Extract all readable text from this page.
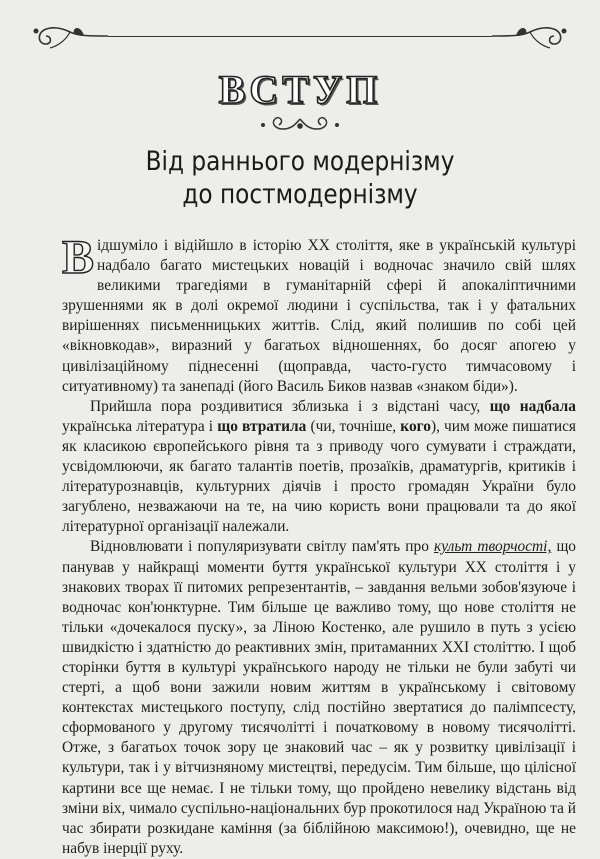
ВСТУП
Від раннього модернізму
до постмодернізму

Відшуміло і відійшло в історію XX століття, яке в українській культурі надбало багато мистецьких новацій і водночас значило свій шлях великими трагедіями в гуманітарній сфері й апокаліптичними зрушеннями як в долі окремої людини і суспільства, так і у фатальних вирішеннях письменницьких життів. Слід, який полишив по собі цей «вікновкодав», виразний у багатьох відношеннях, бо досяг апогею у цивілізаційному піднесенні (щоправда, часто-густо тимчасовому і ситуативному) та занепаді (його Василь Биков назвав «знаком біди»).

Прийшла пора роздивитися зблизька і з відстані часу, що надбала українська література і що втратила (чи, точніше, кого), чим може пишатися як класикою європейського рівня та з приводу чого сумувати і страждати, усвідомлюючи, як багато талантів поетів, прозаїків, драматургів, критиків і літературознавців, культурних діячів і просто громадян України було загублено, незважаючи на те, на чию користь вони працювали та до якої літературної організації належали.

Відновлювати і популяризувати світлу пам'ять про культ творчості, що панував у найкращі моменти буття української культури XX століття і у знакових творах її питомих репрезентантів, – завдання вельми зобов'язуюче і водночас кон'юнктурне. Тим більше це важливо тому, що нове століття не тільки «дочекалося пуску», за Ліною Костенко, але рушило в путь з усією швидкістю і здатністю до реактивних змін, притаманних XXI століттю. І щоб сторінки буття в культурі українського народу не тільки не були забуті чи стерті, а щоб вони зажили новим життям в українському і світовому контекстах мистецького поступу, слід постійно звертатися до палімпсесту, сформованого у другому тисячолітті і початковому в новому тисячолітті. Отже, з багатьох точок зору це знаковий час – як у розвитку цивілізації і культури, так і у вітчизняному мистецтві, передусім. Тим більше, що цілісної картини все ще немає. І не тільки тому, що пройдено невелику відстань від зміни віх, чимало суспільно-національних бур прокотилося над Україною та й час збирати розкидане каміння (за біблійною максимою!), очевидно, ще не набув інерції руху.
